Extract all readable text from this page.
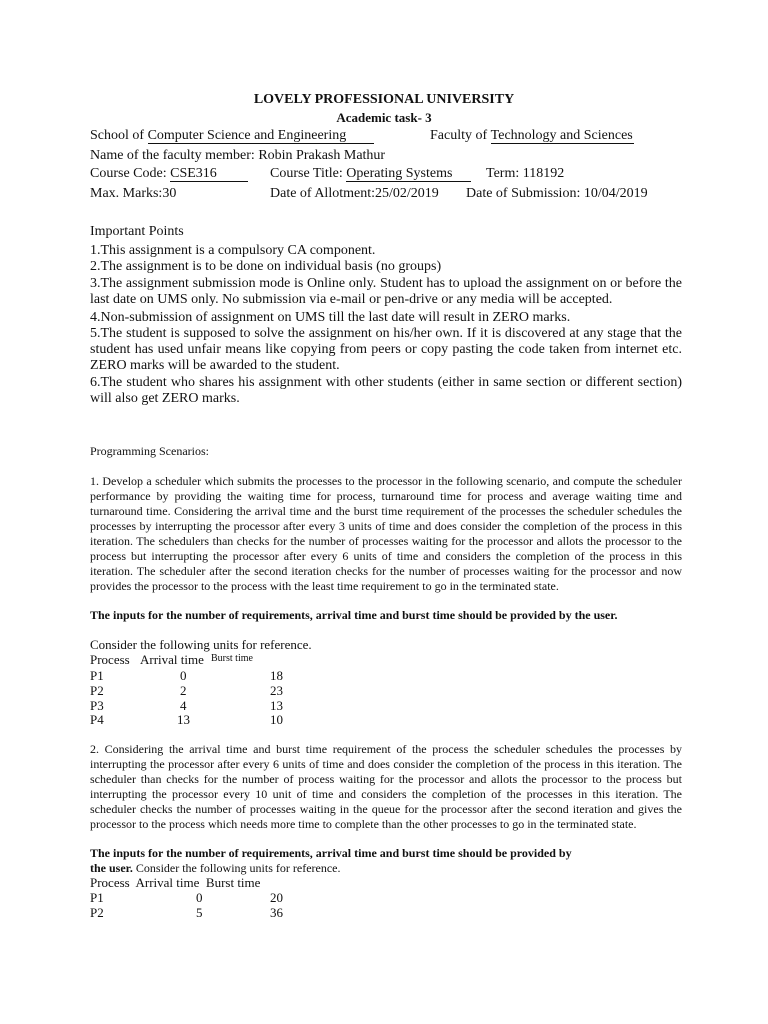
LOVELY PROFESSIONAL UNIVERSITY
Academic task- 3
School of Computer Science and Engineering	Faculty of Technology and Sciences
Name of the faculty member: Robin Prakash Mathur
Course Code: CSE316	Course Title: Operating Systems	Term: 118192
Max. Marks:30	Date of Allotment:25/02/2019 Date of Submission: 10/04/2019
Important Points
1.This assignment is a compulsory CA component.
2.The assignment is to be done on individual basis (no groups)
3.The assignment submission mode is Online only. Student has to upload the assignment on or before the last date on UMS only. No submission via e-mail or pen-drive or any media will be accepted.
4.Non-submission of assignment on UMS till the last date will result in ZERO marks.
5.The student is supposed to solve the assignment on his/her own. If it is discovered at any stage that the student has used unfair means like copying from peers or copy pasting the code taken from internet etc. ZERO marks will be awarded to the student.
6.The student who shares his assignment with other students (either in same section or different section) will also get ZERO marks.
Programming Scenarios:
1. Develop a scheduler which submits the processes to the processor in the following scenario, and compute the scheduler performance by providing the waiting time for process, turnaround time for process and average waiting time and turnaround time. Considering the arrival time and the burst time requirement of the processes the scheduler schedules the processes by interrupting the processor after every 3 units of time and does consider the completion of the process in this iteration. The schedulers than checks for the number of processes waiting for the processor and allots the processor to the process but interrupting the processor after every 6 units of time and considers the completion of the process in this iteration. The scheduler after the second iteration checks for the number of processes waiting for the processor and now provides the processor to the process with the least time requirement to go in the terminated state.
The inputs for the number of requirements, arrival time and burst time should be provided by the user.
Consider the following units for reference.
Process Arrival time Burst time
P1	0	18
P2	2	23
P3	4	13
P4	13	10
2. Considering the arrival time and burst time requirement of the process the scheduler schedules the processes by interrupting the processor after every 6 units of time and does consider the completion of the process in this iteration. The scheduler than checks for the number of process waiting for the processor and allots the processor to the process but interrupting the processor every 10 unit of time and considers the completion of the processes in this iteration. The scheduler checks the number of processes waiting in the queue for the processor after the second iteration and gives the processor to the process which needs more time to complete than the other processes to go in the terminated state.
The inputs for the number of requirements, arrival time and burst time should be provided by
the user. Consider the following units for reference.
Process  Arrival time  Burst time
P1	0	20
P2	5	36
